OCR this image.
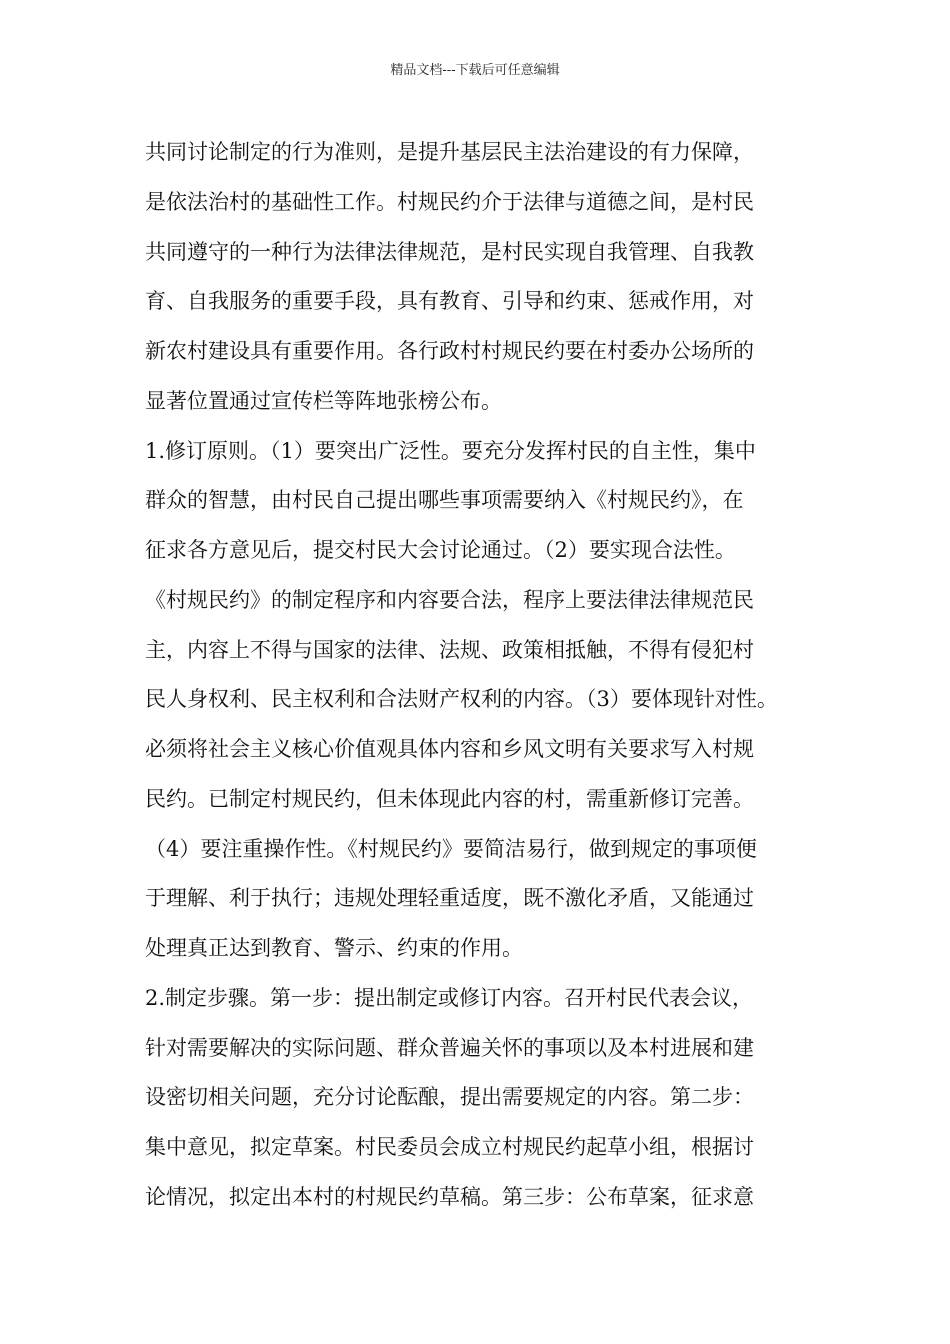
精品文档---下载后可任意编辑
共同讨论制定的行为准则，是提升基层民主法治建设的有力保障，
是依法治村的基础性工作。村规民约介于法律与道德之间，是村民
共同遵守的一种行为法律法律规范，是村民实现自我管理、自我教
育、自我服务的重要手段，具有教育、引导和约束、惩戒作用，对
新农村建设具有重要作用。各行政村村规民约要在村委办公场所的
显著位置通过宣传栏等阵地张榜公布。
1.修订原则。（1）要突出广泛性。要充分发挥村民的自主性，集中
群众的智慧，由村民自己提出哪些事项需要纳入《村规民约》，在
征求各方意见后，提交村民大会讨论通过。（2）要实现合法性。
《村规民约》的制定程序和内容要合法，程序上要法律法律规范民
主，内容上不得与国家的法律、法规、政策相抵触，不得有侵犯村
民人身权利、民主权利和合法财产权利的内容。（3）要体现针对性。
必须将社会主义核心价值观具体内容和乡风文明有关要求写入村规
民约。已制定村规民约，但未体现此内容的村，需重新修订完善。
（4）要注重操作性。《村规民约》要简洁易行，做到规定的事项便
于理解、利于执行；违规处理轻重适度，既不激化矛盾，又能通过
处理真正达到教育、警示、约束的作用。
2.制定步骤。第一步：提出制定或修订内容。召开村民代表会议，
针对需要解决的实际问题、群众普遍关怀的事项以及本村进展和建
设密切相关问题，充分讨论酝酿，提出需要规定的内容。第二步：
集中意见，拟定草案。村民委员会成立村规民约起草小组，根据讨
论情况，拟定出本村的村规民约草稿。第三步：公布草案，征求意
